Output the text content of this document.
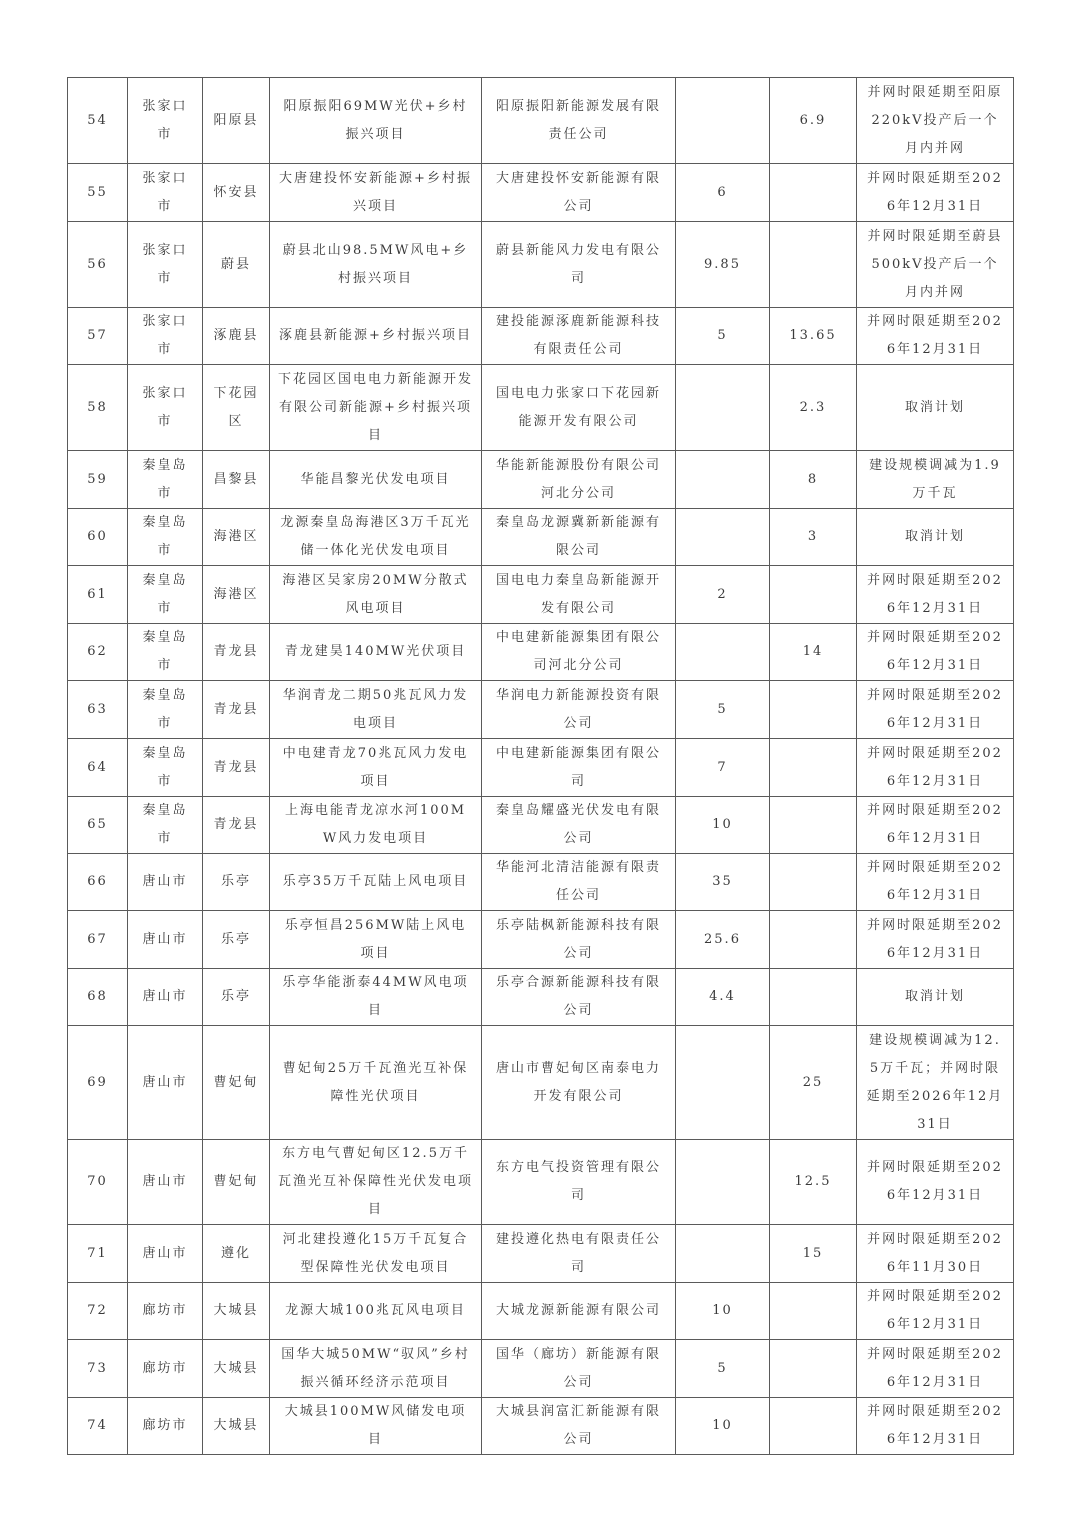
54	张家口市	阳原县	阳原振阳69MW光伏+乡村振兴项目	阳原振阳新能源发展有限责任公司		6.9	并网时限延期至阳原220kV投产后一个月内并网
55	张家口市	怀安县	大唐建投怀安新能源+乡村振兴项目	大唐建投怀安新能源有限公司	6		并网时限延期至2026年12月31日
56	张家口市	蔚县	蔚县北山98.5MW风电+乡村振兴项目	蔚县新能风力发电有限公司	9.85		并网时限延期至蔚县500kV投产后一个月内并网
57	张家口市	涿鹿县	涿鹿县新能源+乡村振兴项目	建投能源涿鹿新能源科技有限责任公司	5	13.65	并网时限延期至2026年12月31日
58	张家口市	下花园区	下花园区国电电力新能源开发有限公司新能源+乡村振兴项目	国电电力张家口下花园新能源开发有限公司		2.3	取消计划
59	秦皇岛市	昌黎县	华能昌黎光伏发电项目	华能新能源股份有限公司河北分公司		8	建设规模调减为1.9万千瓦
60	秦皇岛市	海港区	龙源秦皇岛海港区3万千瓦光储一体化光伏发电项目	秦皇岛龙源冀新新能源有限公司		3	取消计划
61	秦皇岛市	海港区	海港区吴家房20MW分散式风电项目	国电电力秦皇岛新能源开发有限公司	2		并网时限延期至2026年12月31日
62	秦皇岛市	青龙县	青龙建昊140MW光伏项目	中电建新能源集团有限公司河北分公司		14	并网时限延期至2026年12月31日
63	秦皇岛市	青龙县	华润青龙二期50兆瓦风力发电项目	华润电力新能源投资有限公司	5		并网时限延期至2026年12月31日
64	秦皇岛市	青龙县	中电建青龙70兆瓦风力发电项目	中电建新能源集团有限公司	7		并网时限延期至2026年12月31日
65	秦皇岛市	青龙县	上海电能青龙凉水河100MW风力发电项目	秦皇岛耀盛光伏发电有限公司	10		并网时限延期至2026年12月31日
66	唐山市	乐亭	乐亭35万千瓦陆上风电项目	华能河北清洁能源有限责任公司	35		并网时限延期至2026年12月31日
67	唐山市	乐亭	乐亭恒昌256MW陆上风电项目	乐亭陆枫新能源科技有限公司	25.6		并网时限延期至2026年12月31日
68	唐山市	乐亭	乐亭华能浙泰44MW风电项目	乐亭合源新能源科技有限公司	4.4		取消计划
69	唐山市	曹妃甸	曹妃甸25万千瓦渔光互补保障性光伏项目	唐山市曹妃甸区南泰电力开发有限公司		25	建设规模调减为12.5万千瓦；并网时限延期至2026年12月31日
70	唐山市	曹妃甸	东方电气曹妃甸区12.5万千瓦渔光互补保障性光伏发电项目	东方电气投资管理有限公司		12.5	并网时限延期至2026年12月31日
71	唐山市	遵化	河北建投遵化15万千瓦复合型保障性光伏发电项目	建投遵化热电有限责任公司		15	并网时限延期至2026年11月30日
72	廊坊市	大城县	龙源大城100兆瓦风电项目	大城龙源新能源有限公司	10		并网时限延期至2026年12月31日
73	廊坊市	大城县	国华大城50MW“驭风”乡村振兴循环经济示范项目	国华（廊坊）新能源有限公司	5		并网时限延期至2026年12月31日
74	廊坊市	大城县	大城县100MW风储发电项目	大城县润富汇新能源有限公司	10		并网时限延期至2026年12月31日
